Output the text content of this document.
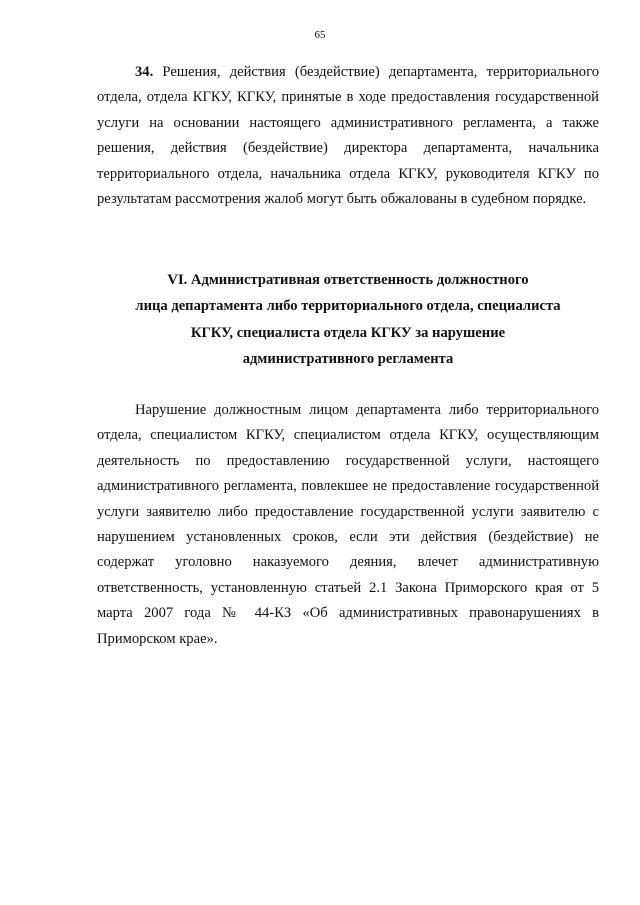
65

34. Решения, действия (бездействие) департамента, территориального отдела, отдела КГКУ, КГКУ, принятые в ходе предоставления государственной услуги на основании настоящего административного регламента, а также решения, действия (бездействие) директора департамента, начальника территориального отдела, начальника отдела КГКУ, руководителя КГКУ по результатам рассмотрения жалоб могут быть обжалованы в судебном порядке.

VI. Административная ответственность должностного
лица департамента либо территориального отдела, специалиста
КГКУ, специалиста отдела КГКУ за нарушение
административного регламента

Нарушение должностным лицом департамента либо территориального отдела, специалистом КГКУ, специалистом отдела КГКУ, осуществляющим деятельность по предоставлению государственной услуги, настоящего административного регламента, повлекшее не предоставление государственной услуги заявителю либо предоставление государственной услуги заявителю с нарушением установленных сроков, если эти действия (бездействие) не содержат уголовно наказуемого деяния, влечет административную ответственность, установленную статьей 2.1 Закона Приморского края от 5 марта 2007 года № 44-КЗ «Об административных правонарушениях в Приморском крае».
